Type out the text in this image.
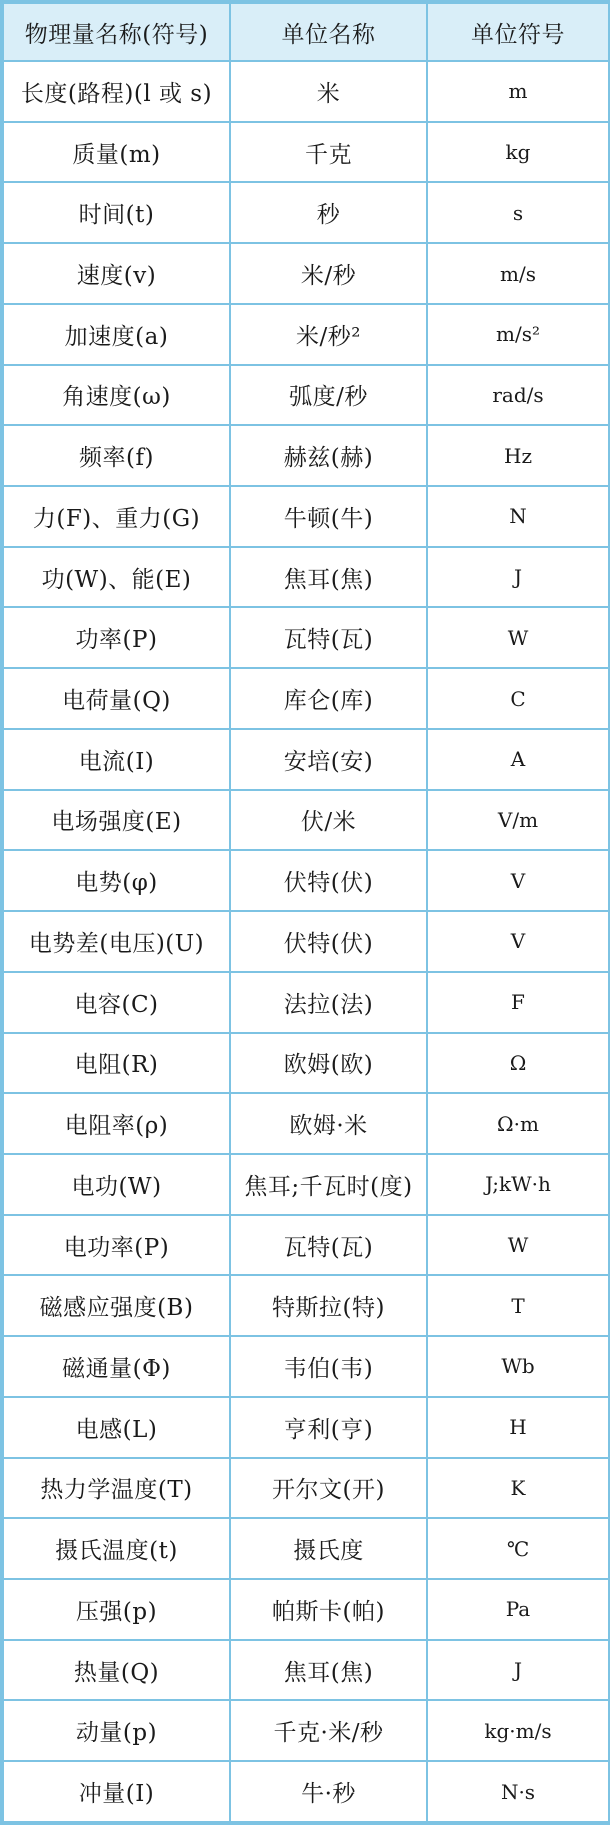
物理量名称(符号)	单位名称	单位符号
长度(路程)(l 或 s)	米	m
质量(m)	千克	kg
时间(t)	秒	s
速度(v)	米/秒	m/s
加速度(a)	米/秒²	m/s²
角速度(ω)	弧度/秒	rad/s
频率(f)	赫兹(赫)	Hz
力(F)、重力(G)	牛顿(牛)	N
功(W)、能(E)	焦耳(焦)	J
功率(P)	瓦特(瓦)	W
电荷量(Q)	库仑(库)	C
电流(I)	安培(安)	A
电场强度(E)	伏/米	V/m
电势(φ)	伏特(伏)	V
电势差(电压)(U)	伏特(伏)	V
电容(C)	法拉(法)	F
电阻(R)	欧姆(欧)	Ω
电阻率(ρ)	欧姆·米	Ω·m
电功(W)	焦耳;千瓦时(度)	J;kW·h
电功率(P)	瓦特(瓦)	W
磁感应强度(B)	特斯拉(特)	T
磁通量(Φ)	韦伯(韦)	Wb
电感(L)	亨利(亨)	H
热力学温度(T)	开尔文(开)	K
摄氏温度(t)	摄氏度	℃
压强(p)	帕斯卡(帕)	Pa
热量(Q)	焦耳(焦)	J
动量(p)	千克·米/秒	kg·m/s
冲量(I)	牛·秒	N·s
